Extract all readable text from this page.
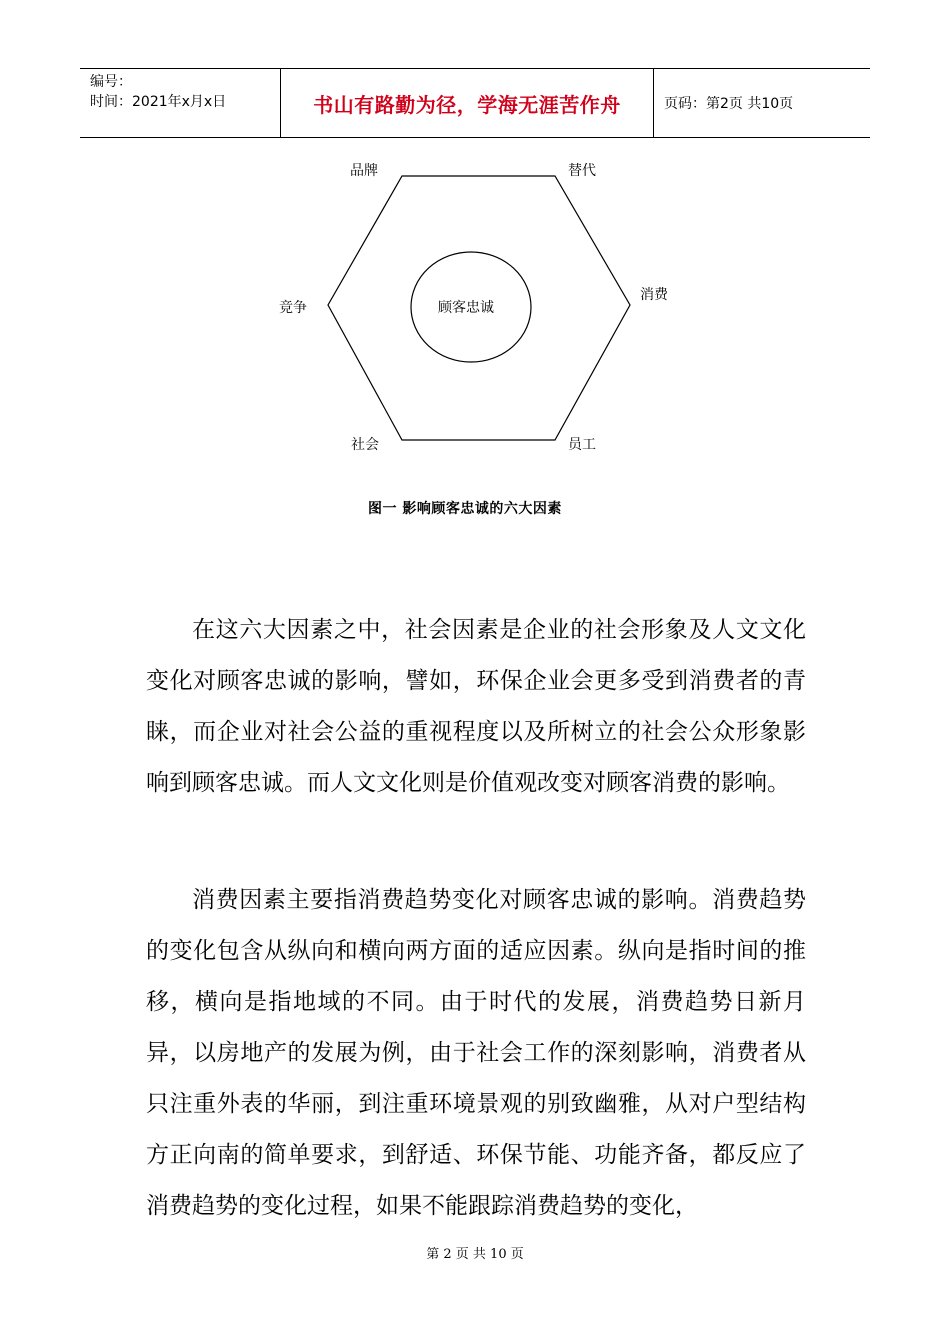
编号：
时间：2021年x月x日	书山有路勤为径，学海无涯苦作舟	页码：第2页 共10页
顾客忠诚
品牌	替代
消费
员工
社会
竞争
图一 影响顾客忠诚的六大因素

在这六大因素之中，社会因素是企业的社会形象及人文文化变化对顾客忠诚的影响，譬如，环保企业会更多受到消费者的青睐，而企业对社会公益的重视程度以及所树立的社会公众形象影响到顾客忠诚。而人文文化则是价值观改变对顾客消费的影响。

消费因素主要指消费趋势变化对顾客忠诚的影响。消费趋势的变化包含从纵向和横向两方面的适应因素。纵向是指时间的推移，横向是指地域的不同。由于时代的发展，消费趋势日新月异，以房地产的发展为例，由于社会工作的深刻影响，消费者从只注重外表的华丽，到注重环境景观的别致幽雅，从对户型结构方正向南的简单要求，到舒适、环保节能、功能齐备，都反应了消费趋势的变化过程，如果不能跟踪消费趋势的变化，

第 2 页 共 10 页
